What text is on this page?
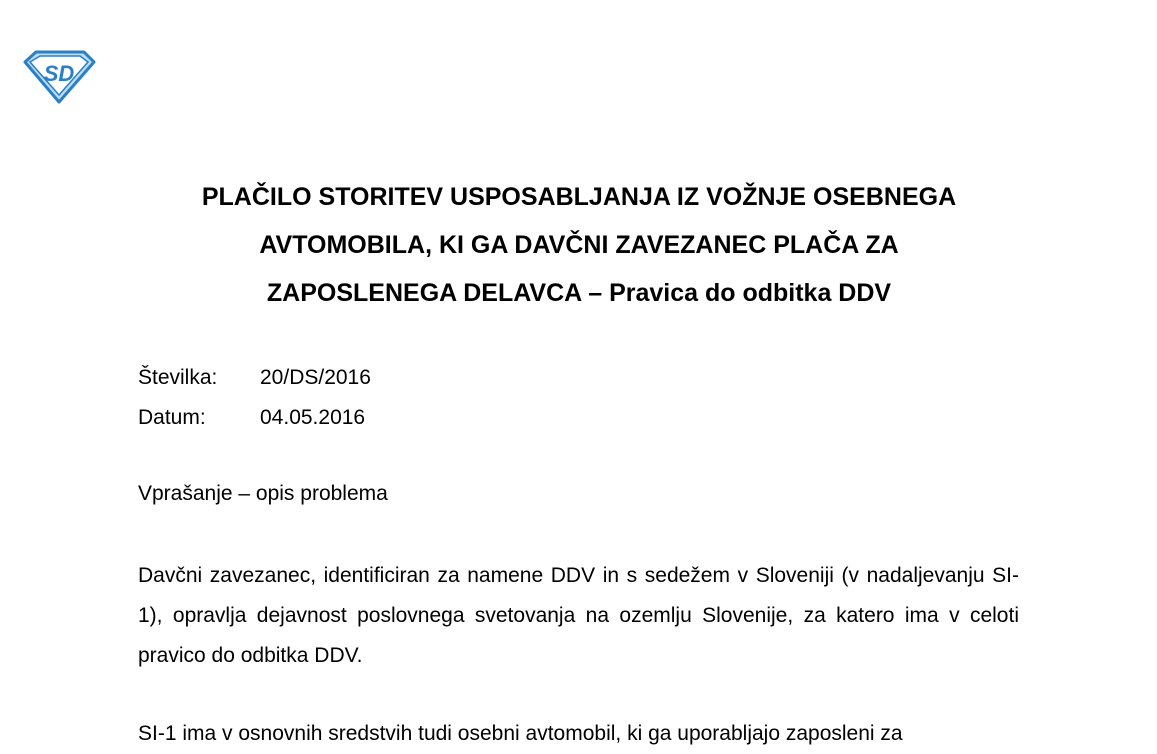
SD
PLAČILO STORITEV USPOSABLJANJA IZ VOŽNJE OSEBNEGA
AVTOMOBILA, KI GA DAVČNI ZAVEZANEC PLAČA ZA
ZAPOSLENEGA DELAVCA – Pravica do odbitka DDV
Številka:	20/DS/2016
Datum:	04.05.2016
Vprašanje – opis problema

Davčni zavezanec, identificiran za namene DDV in s sedežem v Sloveniji (v nadaljevanju SI-1), opravlja dejavnost poslovnega svetovanja na ozemlju Slovenije, za katero ima v celoti pravico do odbitka DDV.

SI-1 ima v osnovnih sredstvih tudi osebni avtomobil, ki ga uporabljajo zaposleni za
